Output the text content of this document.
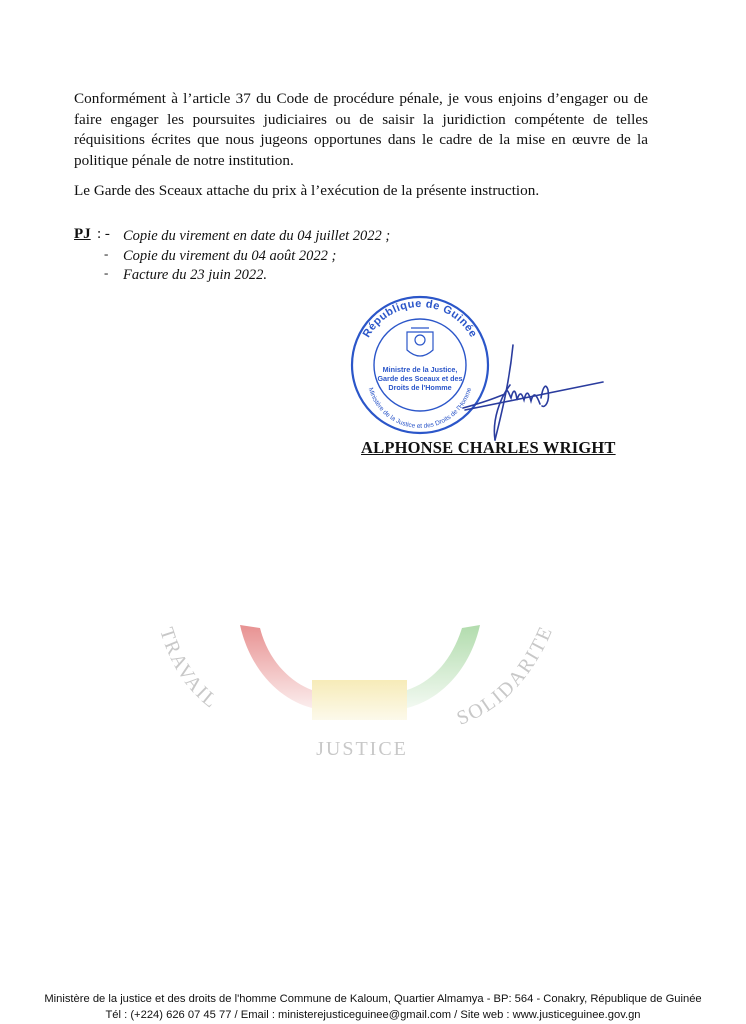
TRAVAIL
SOLIDARITE
JUSTICE

Conformément à l’article 37 du Code de procédure pénale, je vous enjoins d’engager ou de faire engager les poursuites judiciaires ou de saisir la juridiction compétente de telles réquisitions écrites que nous jugeons opportunes dans le cadre de la mise en œuvre de la politique pénale de notre institution.

Le Garde des Sceaux attache du prix à l’exécution de la présente instruction.

PJ : -
-
-
Copie du virement en date du 04 juillet 2022 ;
Copie du virement du 04 août 2022 ;
Facture du 23 juin 2022.
République de Guinée
Ministère de la Justice et des Droits de l'Homme
Ministre de la Justice,
Garde des Sceaux et des
Droits de l'Homme
ALPHONSE CHARLES WRIGHT
Ministère de la justice et des droits de l'homme Commune de Kaloum, Quartier Almamya - BP: 564 - Conakry, République de Guinée
Tél : (+224) 626 07 45 77 / Email : ministerejusticeguinee@gmail.com / Site web : www.justiceguinee.gov.gn
